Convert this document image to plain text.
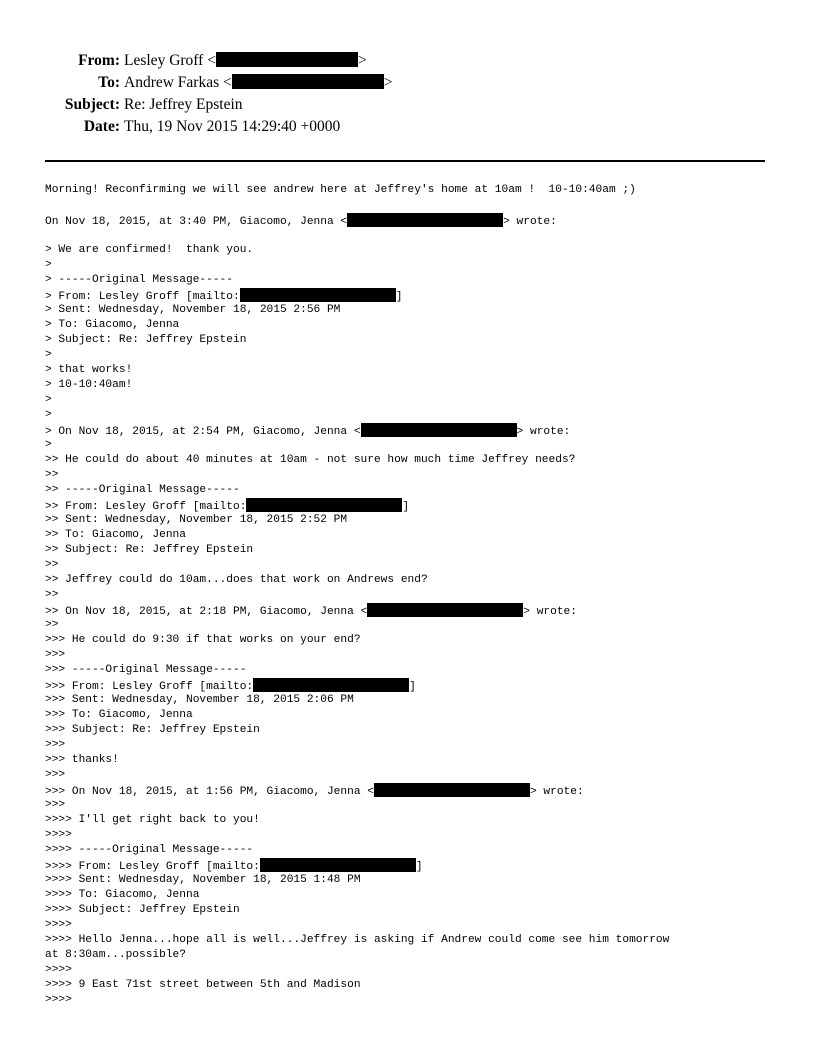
From: Lesley Groff <	>
To: Andrew Farkas <	>
Subject: Re: Jeffrey Epstein
Date: Thu, 19 Nov 2015 14:29:40 +0000
Morning! Reconfirming we will see andrew here at Jeffrey's home at 10am !  10-10:40am ;)
On Nov 18, 2015, at 3:40 PM, Giacomo, Jenna <	> wrote:
> We are confirmed!  thank you.
>
> -----Original Message-----
> From: Lesley Groff [mailto:	]
> Sent: Wednesday, November 18, 2015 2:56 PM
> To: Giacomo, Jenna
> Subject: Re: Jeffrey Epstein
>
> that works!
> 10-10:40am!
>
>
> On Nov 18, 2015, at 2:54 PM, Giacomo, Jenna <	> wrote:
>
>> He could do about 40 minutes at 10am - not sure how much time Jeffrey needs?
>>
>> -----Original Message-----
>> From: Lesley Groff [mailto:	]
>> Sent: Wednesday, November 18, 2015 2:52 PM
>> To: Giacomo, Jenna
>> Subject: Re: Jeffrey Epstein
>>
>> Jeffrey could do 10am...does that work on Andrews end?
>>
>> On Nov 18, 2015, at 2:18 PM, Giacomo, Jenna <	> wrote:
>>
>>> He could do 9:30 if that works on your end?
>>>
>>> -----Original Message-----
>>> From: Lesley Groff [mailto:	]
>>> Sent: Wednesday, November 18, 2015 2:06 PM
>>> To: Giacomo, Jenna
>>> Subject: Re: Jeffrey Epstein
>>>
>>> thanks!
>>>
>>> On Nov 18, 2015, at 1:56 PM, Giacomo, Jenna <	> wrote:
>>>
>>>> I'll get right back to you!
>>>>
>>>> -----Original Message-----
>>>> From: Lesley Groff [mailto:	]
>>>> Sent: Wednesday, November 18, 2015 1:48 PM
>>>> To: Giacomo, Jenna
>>>> Subject: Jeffrey Epstein
>>>>
>>>> Hello Jenna...hope all is well...Jeffrey is asking if Andrew could come see him tomorrow
at 8:30am...possible?
>>>>
>>>> 9 East 71st street between 5th and Madison
>>>>
